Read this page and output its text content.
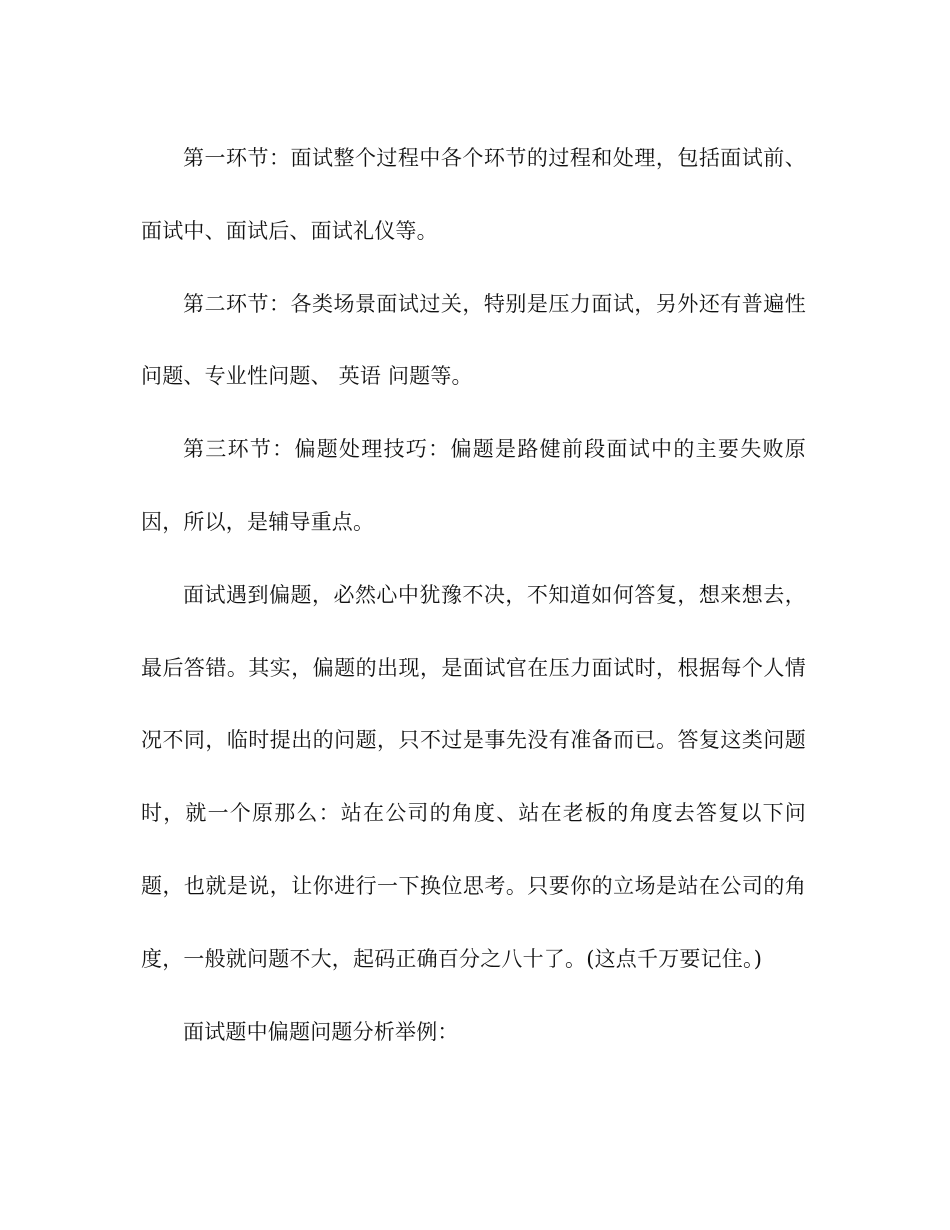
第一环节：面试整个过程中各个环节的过程和处理，包括面试前、面试中、面试后、面试礼仪等。

第二环节：各类场景面试过关，特别是压力面试，另外还有普遍性问题、专业性问题、 英语 问题等。

第三环节：偏题处理技巧：偏题是路健前段面试中的主要失败原因，所以，是辅导重点。

面试遇到偏题，必然心中犹豫不决，不知道如何答复，想来想去，最后答错。其实，偏题的出现，是面试官在压力面试时，根据每个人情况不同，临时提出的问题，只不过是事先没有准备而已。答复这类问题时，就一个原那么：站在公司的角度、站在老板的角度去答复以下问题，也就是说，让你进行一下换位思考。只要你的立场是站在公司的角度，一般就问题不大，起码正确百分之八十了。(这点千万要记住。)

面试题中偏题问题分析举例：
